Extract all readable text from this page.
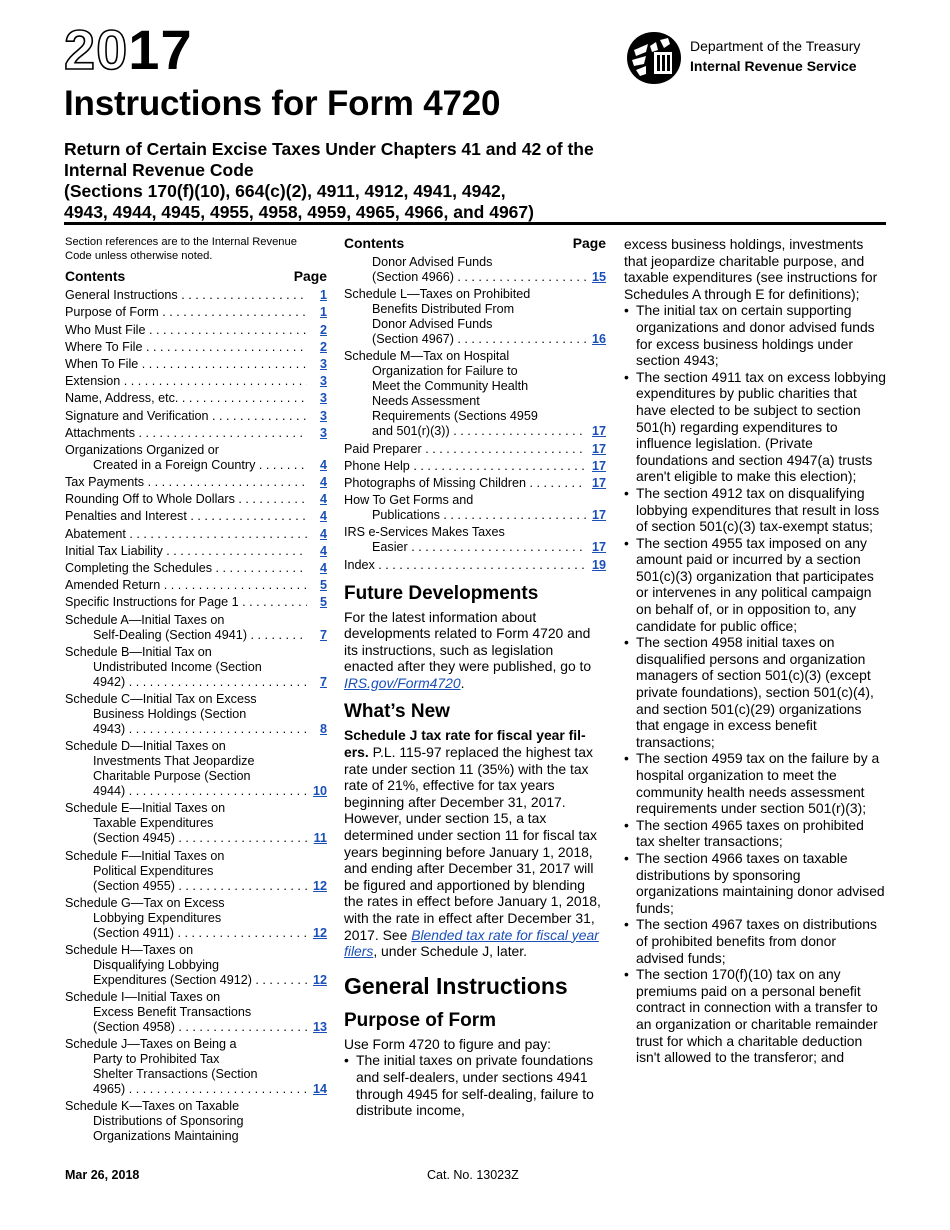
2017	Department of the Treasury
Internal Revenue Service
Instructions for Form 4720
Return of Certain Excise Taxes Under Chapters 41 and 42 of the
Internal Revenue Code
(Sections 170(f)(10), 664(c)(2), 4911, 4912, 4941, 4942,
4943, 4944, 4945, 4955, 4958, 4959, 4965, 4966, and 4967)
Section references are to the Internal Revenue
Code unless otherwise noted.
Contents	Page
General Instructions . . .	1
Purpose of Form . . .	1
Who Must File . . .	2
Where To File . . .	2
When To File . . .	3
Extension . . .	3
Name, Address, etc. . . .	3
Signature and Verification . . .	3
Attachments . . .	3
Organizations Organized or
Created in a Foreign Country . . .	4
Tax Payments . . .	4
Rounding Off to Whole Dollars . . .	4
Penalties and Interest . . .	4
Abatement . . .	4
Initial Tax Liability . . .	4
Completing the Schedules . . .	4
Amended Return . . .	5
Specific Instructions for Page 1 . . .	5
Schedule A—Initial Taxes on
Self-Dealing (Section 4941) . . .	7
Schedule B—Initial Tax on
Undistributed Income (Section
4942) . . .	7
Schedule C—Initial Tax on Excess
Business Holdings (Section
4943) . . .	8
Schedule D—Initial Taxes on
Investments That Jeopardize
Charitable Purpose (Section
4944) . . .	10
Schedule E—Initial Taxes on
Taxable Expenditures
(Section 4945) . . .	11
Schedule F—Initial Taxes on
Political Expenditures
(Section 4955) . . .	12
Schedule G—Tax on Excess
Lobbying Expenditures
(Section 4911) . . .	12
Schedule H—Taxes on
Disqualifying Lobbying
Expenditures (Section 4912) . . .	12
Schedule I—Initial Taxes on
Excess Benefit Transactions
(Section 4958) . . .	13
Schedule J—Taxes on Being a
Party to Prohibited Tax
Shelter Transactions (Section
4965) . . .	14
Schedule K—Taxes on Taxable
Distributions of Sponsoring
Organizations Maintaining
Contents	Page
Donor Advised Funds
(Section 4966) . . .	15
Schedule L—Taxes on Prohibited
Benefits Distributed From
Donor Advised Funds
(Section 4967) . . .	16
Schedule M—Tax on Hospital
Organization for Failure to
Meet the Community Health
Needs Assessment
Requirements (Sections 4959
and 501(r)(3)) . . .	17
Paid Preparer . . .	17
Phone Help . . .	17
Photographs of Missing Children . . .	17
How To Get Forms and
Publications . . .	17
IRS e-Services Makes Taxes
Easier . . .	17
Index . . .	19
Future Developments

For the latest information about developments related to Form 4720 and its instructions, such as legislation enacted after they were published, go to IRS.gov/Form4720.

What’s New

Schedule J tax rate for fiscal year fil-ers. P.L. 115-97 replaced the highest tax rate under section 11 (35%) with the tax rate of 21%, effective for tax years beginning after December 31, 2017. However, under section 15, a tax determined under section 11 for fiscal tax years beginning before January 1, 2018, and ending after December 31, 2017 will be figured and apportioned by blending the rates in effect before January 1, 2018, with the rate in effect after December 31, 2017. See Blended tax rate for fiscal year filers, under Schedule J, later.

General Instructions
Purpose of Form

Use Form 4720 to figure and pay:

• The initial taxes on private foundations and self-dealers, under sections 4941 through 4945 for self-dealing, failure to distribute income,

excess business holdings, investments that jeopardize charitable purpose, and taxable expenditures (see instructions for Schedules A through E for definitions);

• The initial tax on certain supporting organizations and donor advised funds for excess business holdings under section 4943;

• The section 4911 tax on excess lobbying expenditures by public charities that have elected to be subject to section 501(h) regarding expenditures to influence legislation. (Private foundations and section 4947(a) trusts aren't eligible to make this election);

• The section 4912 tax on disqualifying lobbying expenditures that result in loss of section 501(c)(3) tax-exempt status;

• The section 4955 tax imposed on any amount paid or incurred by a section 501(c)(3) organization that participates or intervenes in any political campaign on behalf of, or in opposition to, any candidate for public office;

• The section 4958 initial taxes on disqualified persons and organization managers of section 501(c)(3) (except private foundations), section 501(c)(4), and section 501(c)(29) organizations that engage in excess benefit transactions;

• The section 4959 tax on the failure by a hospital organization to meet the community health needs assessment requirements under section 501(r)(3);

• The section 4965 taxes on prohibited tax shelter transactions;

• The section 4966 taxes on taxable distributions by sponsoring organizations maintaining donor advised funds;

• The section 4967 taxes on distributions of prohibited benefits from donor advised funds;

• The section 170(f)(10) tax on any premiums paid on a personal benefit contract in connection with a transfer to an organization or charitable remainder trust for which a charitable deduction isn't allowed to the transferor; and

Mar 26, 2018	Cat. No. 13023Z
